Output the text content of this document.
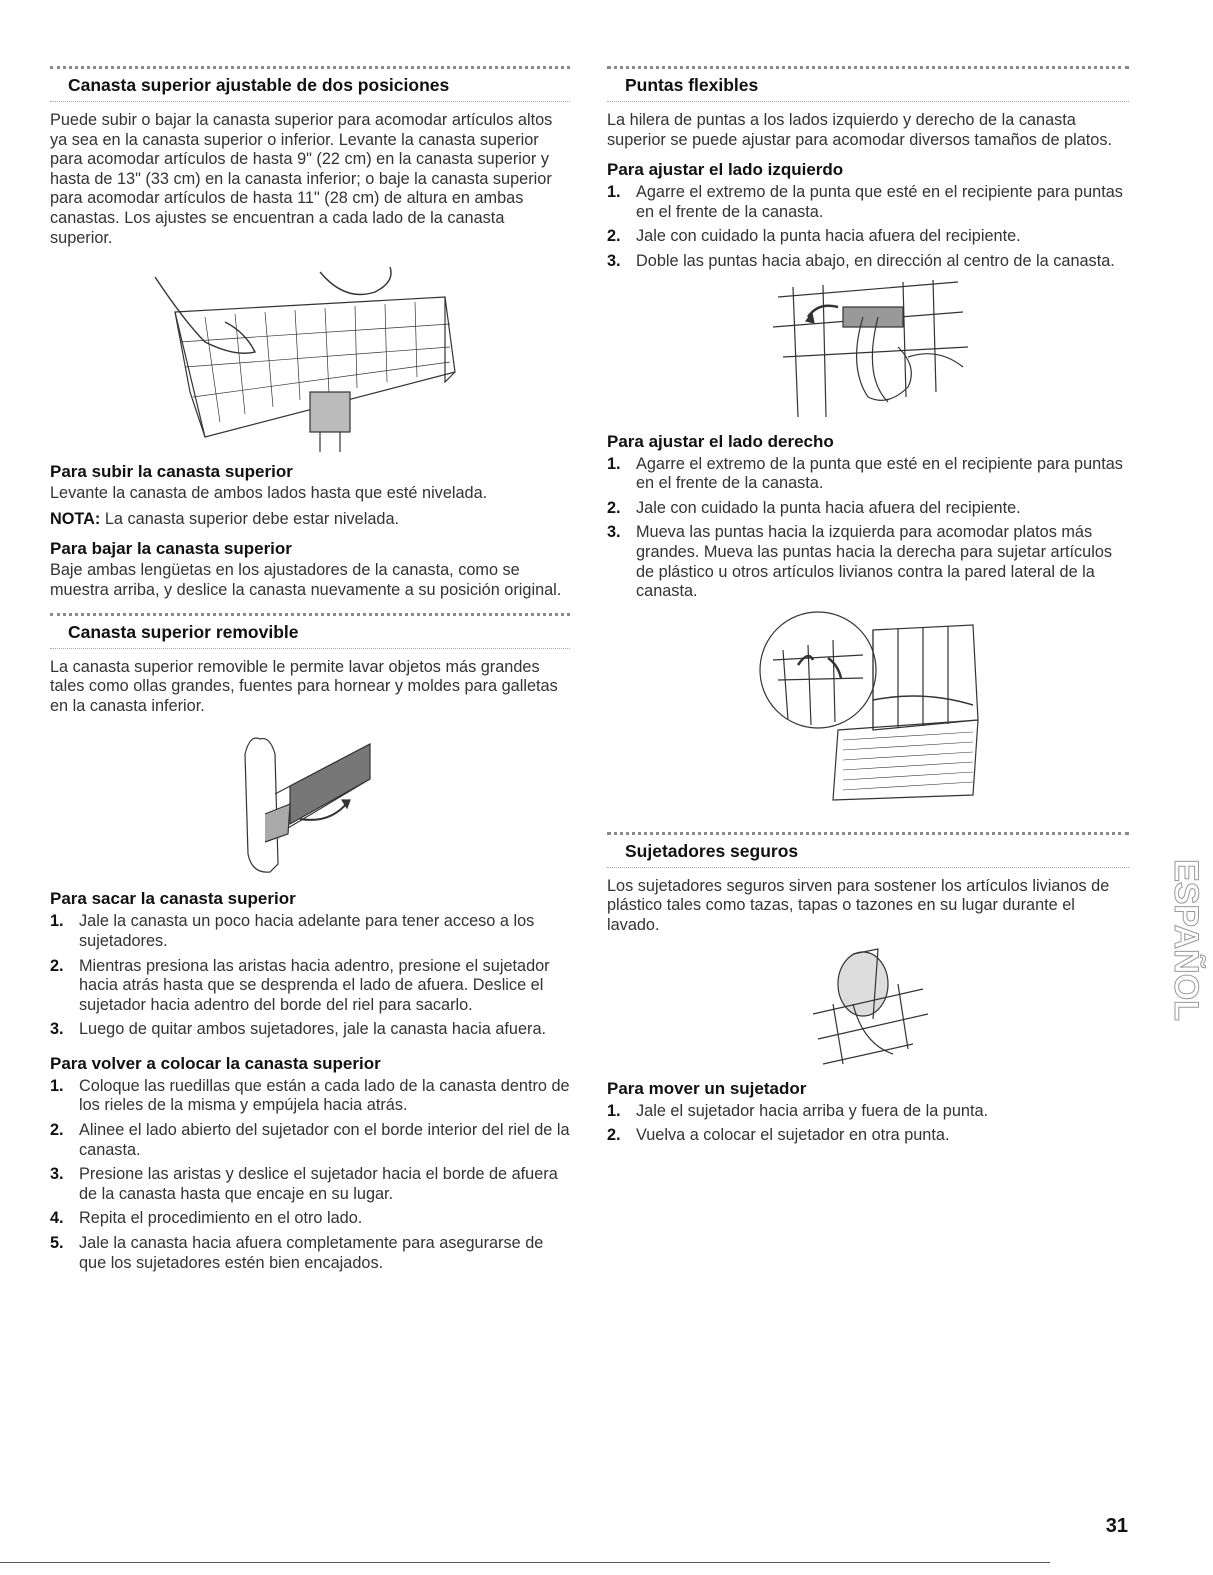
Canasta superior ajustable de dos posiciones

Puede subir o bajar la canasta superior para acomodar artículos altos ya sea en la canasta superior o inferior. Levante la canasta superior para acomodar artículos de hasta 9" (22 cm) en la canasta superior y hasta de 13" (33 cm) en la canasta inferior; o baje la canasta superior para acomodar artículos de hasta 11" (28 cm) de altura en ambas canastas. Los ajustes se encuentran a cada lado de la canasta superior.

Para subir la canasta superior

Levante la canasta de ambos lados hasta que esté nivelada.

NOTA: La canasta superior debe estar nivelada.

Para bajar la canasta superior

Baje ambas lengüetas en los ajustadores de la canasta, como se muestra arriba, y deslice la canasta nuevamente a su posición original.

Canasta superior removible

La canasta superior removible le permite lavar objetos más grandes tales como ollas grandes, fuentes para hornear y moldes para galletas en la canasta inferior.

Para sacar la canasta superior
1. Jale la canasta un poco hacia adelante para tener acceso a los sujetadores.
2. Mientras presiona las aristas hacia adentro, presione el sujetador hacia atrás hasta que se desprenda el lado de afuera. Deslice el sujetador hacia adentro del borde del riel para sacarlo.
3. Luego de quitar ambos sujetadores, jale la canasta hacia afuera.
Para volver a colocar la canasta superior
1. Coloque las ruedillas que están a cada lado de la canasta dentro de los rieles de la misma y empújela hacia atrás.
2. Alinee el lado abierto del sujetador con el borde interior del riel de la canasta.
3. Presione las aristas y deslice el sujetador hacia el borde de afuera de la canasta hasta que encaje en su lugar.
4. Repita el procedimiento en el otro lado.
5. Jale la canasta hacia afuera completamente para asegurarse de que los sujetadores estén bien encajados.
Puntas flexibles

La hilera de puntas a los lados izquierdo y derecho de la canasta superior se puede ajustar para acomodar diversos tamaños de platos.

Para ajustar el lado izquierdo
1. Agarre el extremo de la punta que esté en el recipiente para puntas en el frente de la canasta.
2. Jale con cuidado la punta hacia afuera del recipiente.
3. Doble las puntas hacia abajo, en dirección al centro de la canasta.
Para ajustar el lado derecho
1. Agarre el extremo de la punta que esté en el recipiente para puntas en el frente de la canasta.
2. Jale con cuidado la punta hacia afuera del recipiente.
3. Mueva las puntas hacia la izquierda para acomodar platos más grandes. Mueva las puntas hacia la derecha para sujetar artículos de plástico u otros artículos livianos contra la pared lateral de la canasta.
Sujetadores seguros

Los sujetadores seguros sirven para sostener los artículos livianos de plástico tales como tazas, tapas o tazones en su lugar durante el lavado.

Para mover un sujetador
1. Jale el sujetador hacia arriba y fuera de la punta.
2. Vuelva a colocar el sujetador en otra punta.
ESPAÑOL
31
